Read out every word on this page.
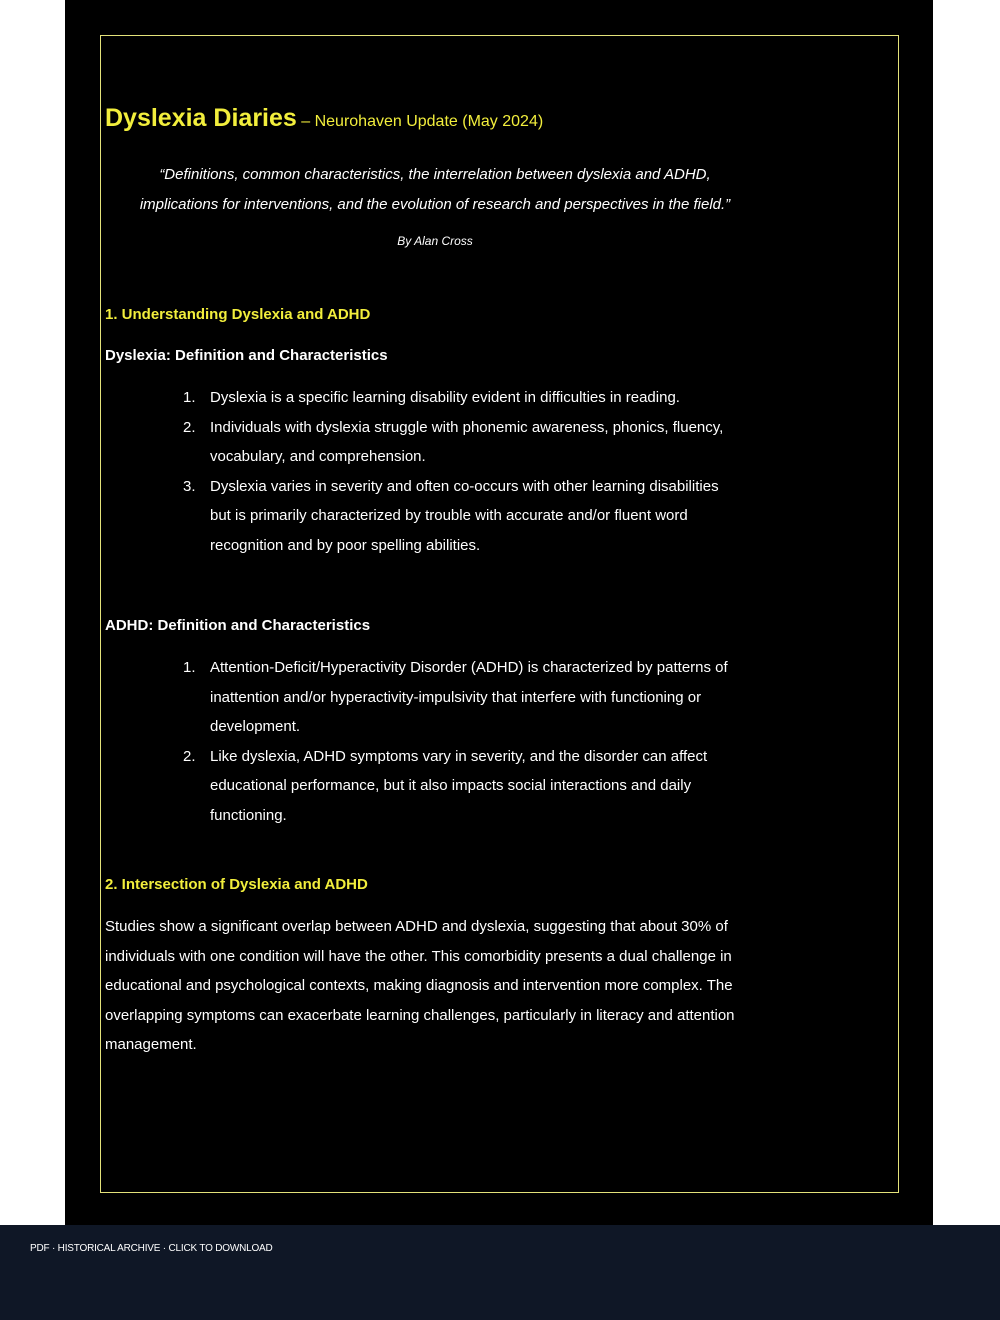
Dyslexia Diaries – Neurohaven Update (May 2024)
“Definitions, common characteristics, the interrelation between dyslexia and ADHD,
implications for interventions, and the evolution of research and perspectives in the field.”
By Alan Cross
1. Understanding Dyslexia and ADHD
Dyslexia: Definition and Characteristics
1. Dyslexia is a specific learning disability evident in difficulties in reading.
2. Individuals with dyslexia struggle with phonemic awareness, phonics, fluency, vocabulary, and comprehension.
3. Dyslexia varies in severity and often co-occurs with other learning disabilities but is primarily characterized by trouble with accurate and/or fluent word recognition and by poor spelling abilities.
ADHD: Definition and Characteristics
1. Attention-Deficit/Hyperactivity Disorder (ADHD) is characterized by patterns of inattention and/or hyperactivity-impulsivity that interfere with functioning or development.
2. Like dyslexia, ADHD symptoms vary in severity, and the disorder can affect educational performance, but it also impacts social interactions and daily functioning.
2. Intersection of Dyslexia and ADHD
Studies show a significant overlap between ADHD and dyslexia, suggesting that about 30% of individuals with one condition will have the other. This comorbidity presents a dual challenge in educational and psychological contexts, making diagnosis and intervention more complex. The overlapping symptoms can exacerbate learning challenges, particularly in literacy and attention management.
PDF · HISTORICAL ARCHIVE · CLICK TO DOWNLOAD
